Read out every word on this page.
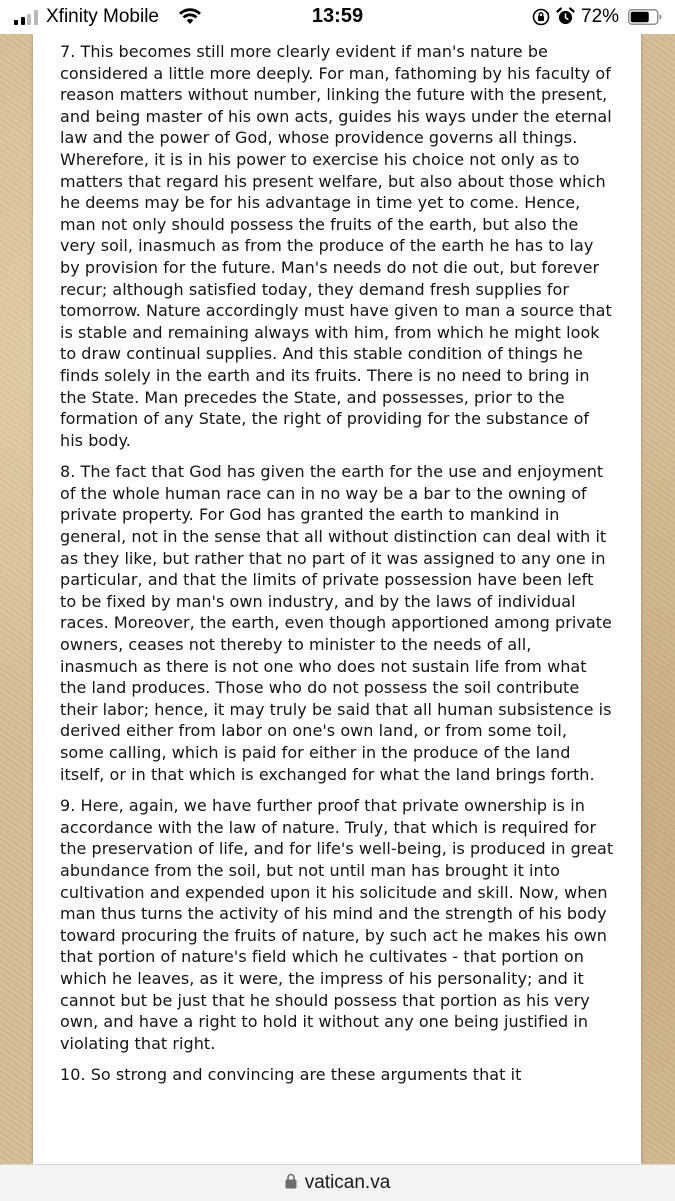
Xfinity Mobile	13:59	72%

7. This becomes still more clearly evident if man's nature be considered a little more deeply. For man, fathoming by his faculty of reason matters without number, linking the future with the present, and being master of his own acts, guides his ways under the eternal law and the power of God, whose providence governs all things. Wherefore, it is in his power to exercise his choice not only as to matters that regard his present welfare, but also about those which he deems may be for his advantage in time yet to come. Hence, man not only should possess the fruits of the earth, but also the very soil, inasmuch as from the produce of the earth he has to lay by provision for the future. Man's needs do not die out, but forever recur; although satisfied today, they demand fresh supplies for tomorrow. Nature accordingly must have given to man a source that is stable and remaining always with him, from which he might look to draw continual supplies. And this stable condition of things he finds solely in the earth and its fruits. There is no need to bring in the State. Man precedes the State, and possesses, prior to the formation of any State, the right of providing for the substance of his body.

8. The fact that God has given the earth for the use and enjoyment of the whole human race can in no way be a bar to the owning of private property. For God has granted the earth to mankind in general, not in the sense that all without distinction can deal with it as they like, but rather that no part of it was assigned to any one in particular, and that the limits of private possession have been left to be fixed by man's own industry, and by the laws of individual races. Moreover, the earth, even though apportioned among private owners, ceases not thereby to minister to the needs of all, inasmuch as there is not one who does not sustain life from what the land produces. Those who do not possess the soil contribute their labor; hence, it may truly be said that all human subsistence is derived either from labor on one's own land, or from some toil, some calling, which is paid for either in the produce of the land itself, or in that which is exchanged for what the land brings forth.

9. Here, again, we have further proof that private ownership is in accordance with the law of nature. Truly, that which is required for the preservation of life, and for life's well-being, is produced in great abundance from the soil, but not until man has brought it into cultivation and expended upon it his solicitude and skill. Now, when man thus turns the activity of his mind and the strength of his body toward procuring the fruits of nature, by such act he makes his own that portion of nature's field which he cultivates - that portion on which he leaves, as it were, the impress of his personality; and it cannot but be just that he should possess that portion as his very own, and have a right to hold it without any one being justified in violating that right.

10. So strong and convincing are these arguments that it

vatican.va
